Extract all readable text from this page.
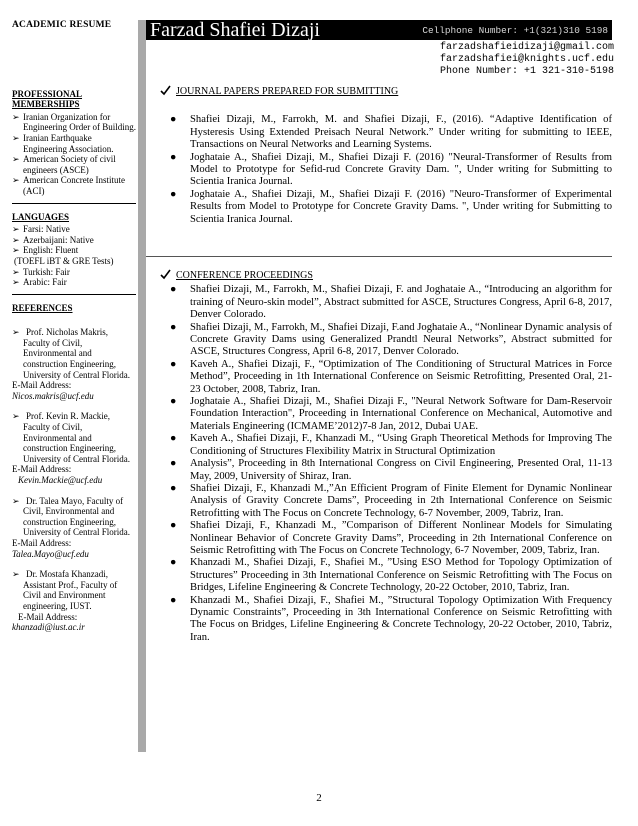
ACADEMIC RESUME
PROFESSIONAL MEMBERSHIPS
➢ Iranian Organization for Engineering Order of Building.
➢ Iranian Earthquake Engineering Association.
➢ American Society of civil engineers (ASCE)
➢ American Concrete Institute (ACI)
LANGUAGES
➢ Farsi: Native
➢ Azerbaijani: Native
➢ English: Fluent
(TOEFL iBT & GRE Tests)
➢ Turkish: Fair
➢ Arabic: Fair
REFERENCES
➢ Prof. Nicholas Makris, Faculty of Civil, Environmental and construction Engineering, University of Central Florida.
E-Mail Address:
Nicos.makris@ucf.edu
➢ Prof. Kevin R. Mackie, Faculty of Civil, Environmental and construction Engineering, University of Central Florida.
E-Mail Address:
Kevin.Mackie@ucf.edu
➢ Dr. Talea Mayo, Faculty of Civil, Environmental and construction Engineering, University of Central Florida.
E-Mail Address:
Talea.Mayo@ucf.edu
➢ Dr. Mostafa Khanzadi, Assistant Prof., Faculty of Civil and Environment engineering, IUST.
E-Mail Address:
khanzadi@iust.ac.ir
Farzad Shafiei Dizaji	Cellphone Number: +1(321)310 5198
farzadshafieidizaji@gmail.com
farzadshafiei@knights.ucf.edu
Phone Number: +1 321-310-5198
JOURNAL PAPERS PREPARED FOR SUBMITTING
● Shafiei Dizaji, M., Farrokh, M. and Shafiei Dizaji, F., (2016). “Adaptive Identification of Hysteresis Using Extended Preisach Neural Network.” Under writing for submitting to IEEE, Transactions on Neural Networks and Learning Systems.
● Joghataie A., Shafiei Dizaji, M., Shafiei Dizaji F. (2016) "Neural-Transformer of Results from Model to Prototype for Sefid-rud Concrete Gravity Dam. ", Under writing for Submitting to Scientia Iranica Journal.
● Joghataie A., Shafiei Dizaji, M., Shafiei Dizaji F. (2016) "Neuro-Transformer of Experimental Results from Model to Prototype for Concrete Gravity Dams. ", Under writing for Submitting to Scientia Iranica Journal.
CONFERENCE PROCEEDINGS
● Shafiei Dizaji, M., Farrokh, M., Shafiei Dizaji, F. and Joghataie A., “Introducing an algorithm for training of Neuro-skin model”, Abstract submitted for ASCE, Structures Congress, April 6-8, 2017, Denver Colorado.
● Shafiei Dizaji, M., Farrokh, M., Shafiei Dizaji, F.and Joghataie A., “Nonlinear Dynamic analysis of Concrete Gravity Dams using Generalized Prandtl Neural Networks”, Abstract submitted for ASCE, Structures Congress, April 6-8, 2017, Denver Colorado.
● Kaveh A., Shafiei Dizaji, F., “Optimization of The Conditioning of Structural Matrices in Force Method”, Proceeding in 1th International Conference on Seismic Retrofitting, Presented Oral, 21-23 October, 2008, Tabriz, Iran.
● Joghataie A., Shafiei Dizaji, M., Shafiei Dizaji F., "Neural Network Software for Dam-Reservoir Foundation Interaction", Proceeding in International Conference on Mechanical, Automotive and Materials Engineering (ICMAME’2012)7-8 Jan, 2012, Dubai UAE.
● Kaveh A., Shafiei Dizaji, F., Khanzadi M., “Using Graph Theoretical Methods for Improving The Conditioning of Structures Flexibility Matrix in Structural Optimization
● Analysis”, Proceeding in 8th International Congress on Civil Engineering, Presented Oral, 11-13 May, 2009, University of Shiraz, Iran.
● Shafiei Dizaji, F., Khanzadi M.,”An Efficient Program of Finite Element for Dynamic Nonlinear Analysis of Gravity Concrete Dams”, Proceeding in 2th International Conference on Seismic Retrofitting with The Focus on Concrete Technology, 6-7 November, 2009, Tabriz, Iran.
● Shafiei Dizaji, F., Khanzadi M., ”Comparison of Different Nonlinear Models for Simulating Nonlinear Behavior of Concrete Gravity Dams”, Proceeding in 2th International Conference on Seismic Retrofitting with The Focus on Concrete Technology, 6-7 November, 2009, Tabriz, Iran.
● Khanzadi M., Shafiei Dizaji, F., Shafiei M., ”Using ESO Method for Topology Optimization of Structures” Proceeding in 3th International Conference on Seismic Retrofitting with The Focus on Bridges, Lifeline Engineering & Concrete Technology, 20-22 October, 2010, Tabriz, Iran.
● Khanzadi M., Shafiei Dizaji, F., Shafiei M., ”Structural Topology Optimization With Frequency Dynamic Constraints”, Proceeding in 3th International Conference on Seismic Retrofitting with The Focus on Bridges, Lifeline Engineering & Concrete Technology, 20-22 October, 2010, Tabriz, Iran.
2
